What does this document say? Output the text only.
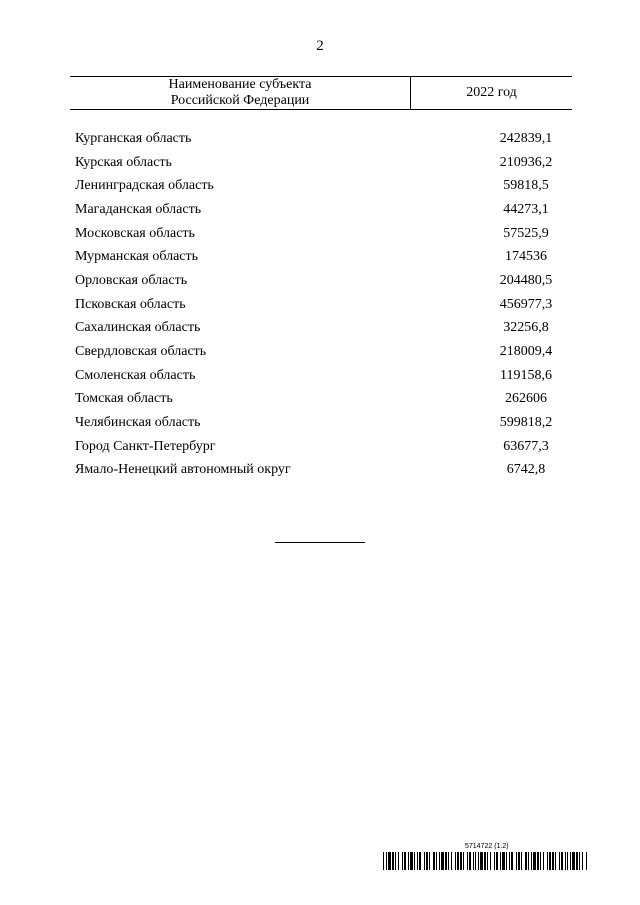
2
Наименование субъекта
Российской Федерации
2022 год
Курганская область	242839,1
Курская область	210936,2
Ленинградская область	59818,5
Магаданская область	44273,1
Московская область	57525,9
Мурманская область	174536
Орловская область	204480,5
Псковская область	456977,3
Сахалинская область	32256,8
Свердловская область	218009,4
Смоленская область	119158,6
Томская область	262606
Челябинская область	599818,2
Город Санкт-Петербург	63677,3
Ямало-Ненецкий автономный округ	6742,8
5714722 (1.2)
